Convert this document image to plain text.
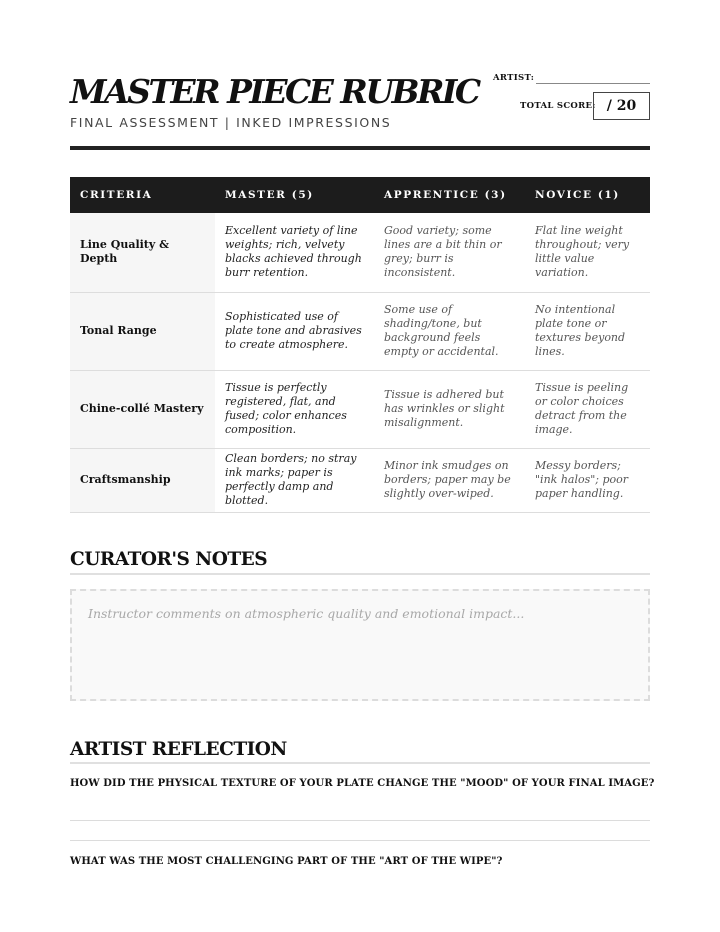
MASTER PIECE RUBRIC
FINAL ASSESSMENT | INKED IMPRESSIONS
ARTIST:
TOTAL SCORE: / 20
CRITERIA	MASTER (5)	APPRENTICE (3)	NOVICE (1)
Line Quality & Depth	Excellent variety of line weights; rich, velvety blacks achieved through burr retention.	Good variety; some lines are a bit thin or grey; burr is inconsistent.	Flat line weight throughout; very little value variation.
Tonal Range	Sophisticated use of plate tone and abrasives to create atmosphere.	Some use of shading/tone, but background feels empty or accidental.	No intentional plate tone or textures beyond lines.
Chine-collé Mastery	Tissue is perfectly registered, flat, and fused; color enhances composition.	Tissue is adhered but has wrinkles or slight misalignment.	Tissue is peeling or color choices detract from the image.
Craftsmanship	Clean borders; no stray ink marks; paper is perfectly damp and blotted.	Minor ink smudges on borders; paper may be slightly over-wiped.	Messy borders; "ink halos"; poor paper handling.
CURATOR'S NOTES
Instructor comments on atmospheric quality and emotional impact...
ARTIST REFLECTION
HOW DID THE PHYSICAL TEXTURE OF YOUR PLATE CHANGE THE "MOOD" OF YOUR FINAL IMAGE?
WHAT WAS THE MOST CHALLENGING PART OF THE "ART OF THE WIPE"?
